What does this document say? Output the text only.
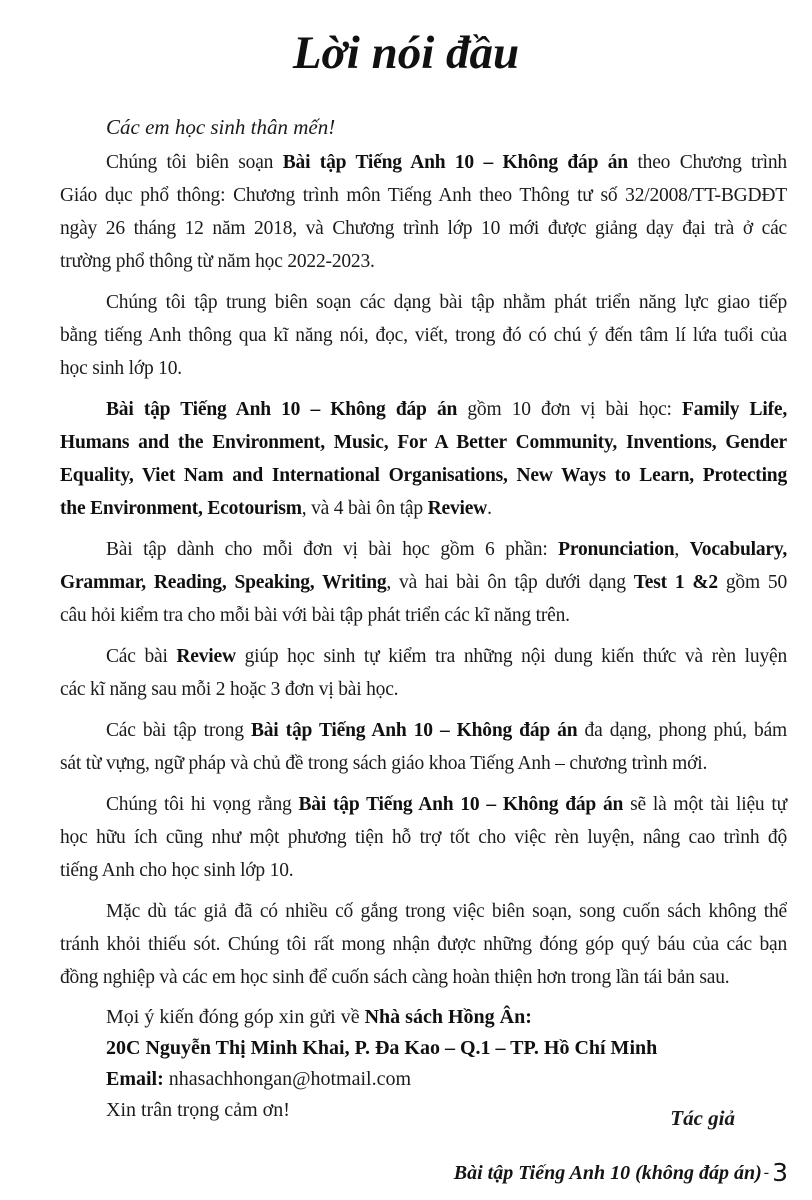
Lời nói đầu

Các em học sinh thân mến!

Chúng tôi biên soạn Bài tập Tiếng Anh 10 – Không đáp án theo Chương trình
Giáo dục phổ thông: Chương trình môn Tiếng Anh theo Thông tư số 32/2008/TT-BGDĐT
ngày 26 tháng 12 năm 2018, và Chương trình lớp 10 mới được giảng dạy đại trà ở các
trường phổ thông từ năm học 2022-2023.
Chúng tôi tập trung biên soạn các dạng bài tập nhằm phát triển năng lực giao tiếp
bằng tiếng Anh thông qua kĩ năng nói, đọc, viết, trong đó có chú ý đến tâm lí lứa tuổi của
học sinh lớp 10.
Bài tập Tiếng Anh 10 – Không đáp án gồm 10 đơn vị bài học: Family Life,
Humans and the Environment, Music, For A Better Community, Inventions, Gender
Equality, Viet Nam and International Organisations, New Ways to Learn, Protecting
the Environment, Ecotourism, và 4 bài ôn tập Review.
Bài tập dành cho mỗi đơn vị bài học gồm 6 phần: Pronunciation, Vocabulary,
Grammar, Reading, Speaking, Writing, và hai bài ôn tập dưới dạng Test 1 &2 gồm 50
câu hỏi kiểm tra cho mỗi bài với bài tập phát triển các kĩ năng trên.
Các bài Review giúp học sinh tự kiểm tra những nội dung kiến thức và rèn luyện
các kĩ năng sau mỗi 2 hoặc 3 đơn vị bài học.
Các bài tập trong Bài tập Tiếng Anh 10 – Không đáp án đa dạng, phong phú, bám
sát từ vựng, ngữ pháp và chủ đề trong sách giáo khoa Tiếng Anh – chương trình mới.
Chúng tôi hi vọng rằng Bài tập Tiếng Anh 10 – Không đáp án sẽ là một tài liệu tự
học hữu ích cũng như một phương tiện hỗ trợ tốt cho việc rèn luyện, nâng cao trình độ
tiếng Anh cho học sinh lớp 10.
Mặc dù tác giả đã có nhiều cố gắng trong việc biên soạn, song cuốn sách không thể
tránh khỏi thiếu sót. Chúng tôi rất mong nhận được những đóng góp quý báu của các bạn
đồng nghiệp và các em học sinh để cuốn sách càng hoàn thiện hơn trong lần tái bản sau.
Mọi ý kiến đóng góp xin gửi về Nhà sách Hồng Ân:
20C Nguyễn Thị Minh Khai, P. Đa Kao – Q.1 – TP. Hồ Chí Minh
Email: nhasachhongan@hotmail.com
Xin trân trọng cảm ơn!	Tác giả
Bài tập Tiếng Anh 10 (không đáp án) - 3
